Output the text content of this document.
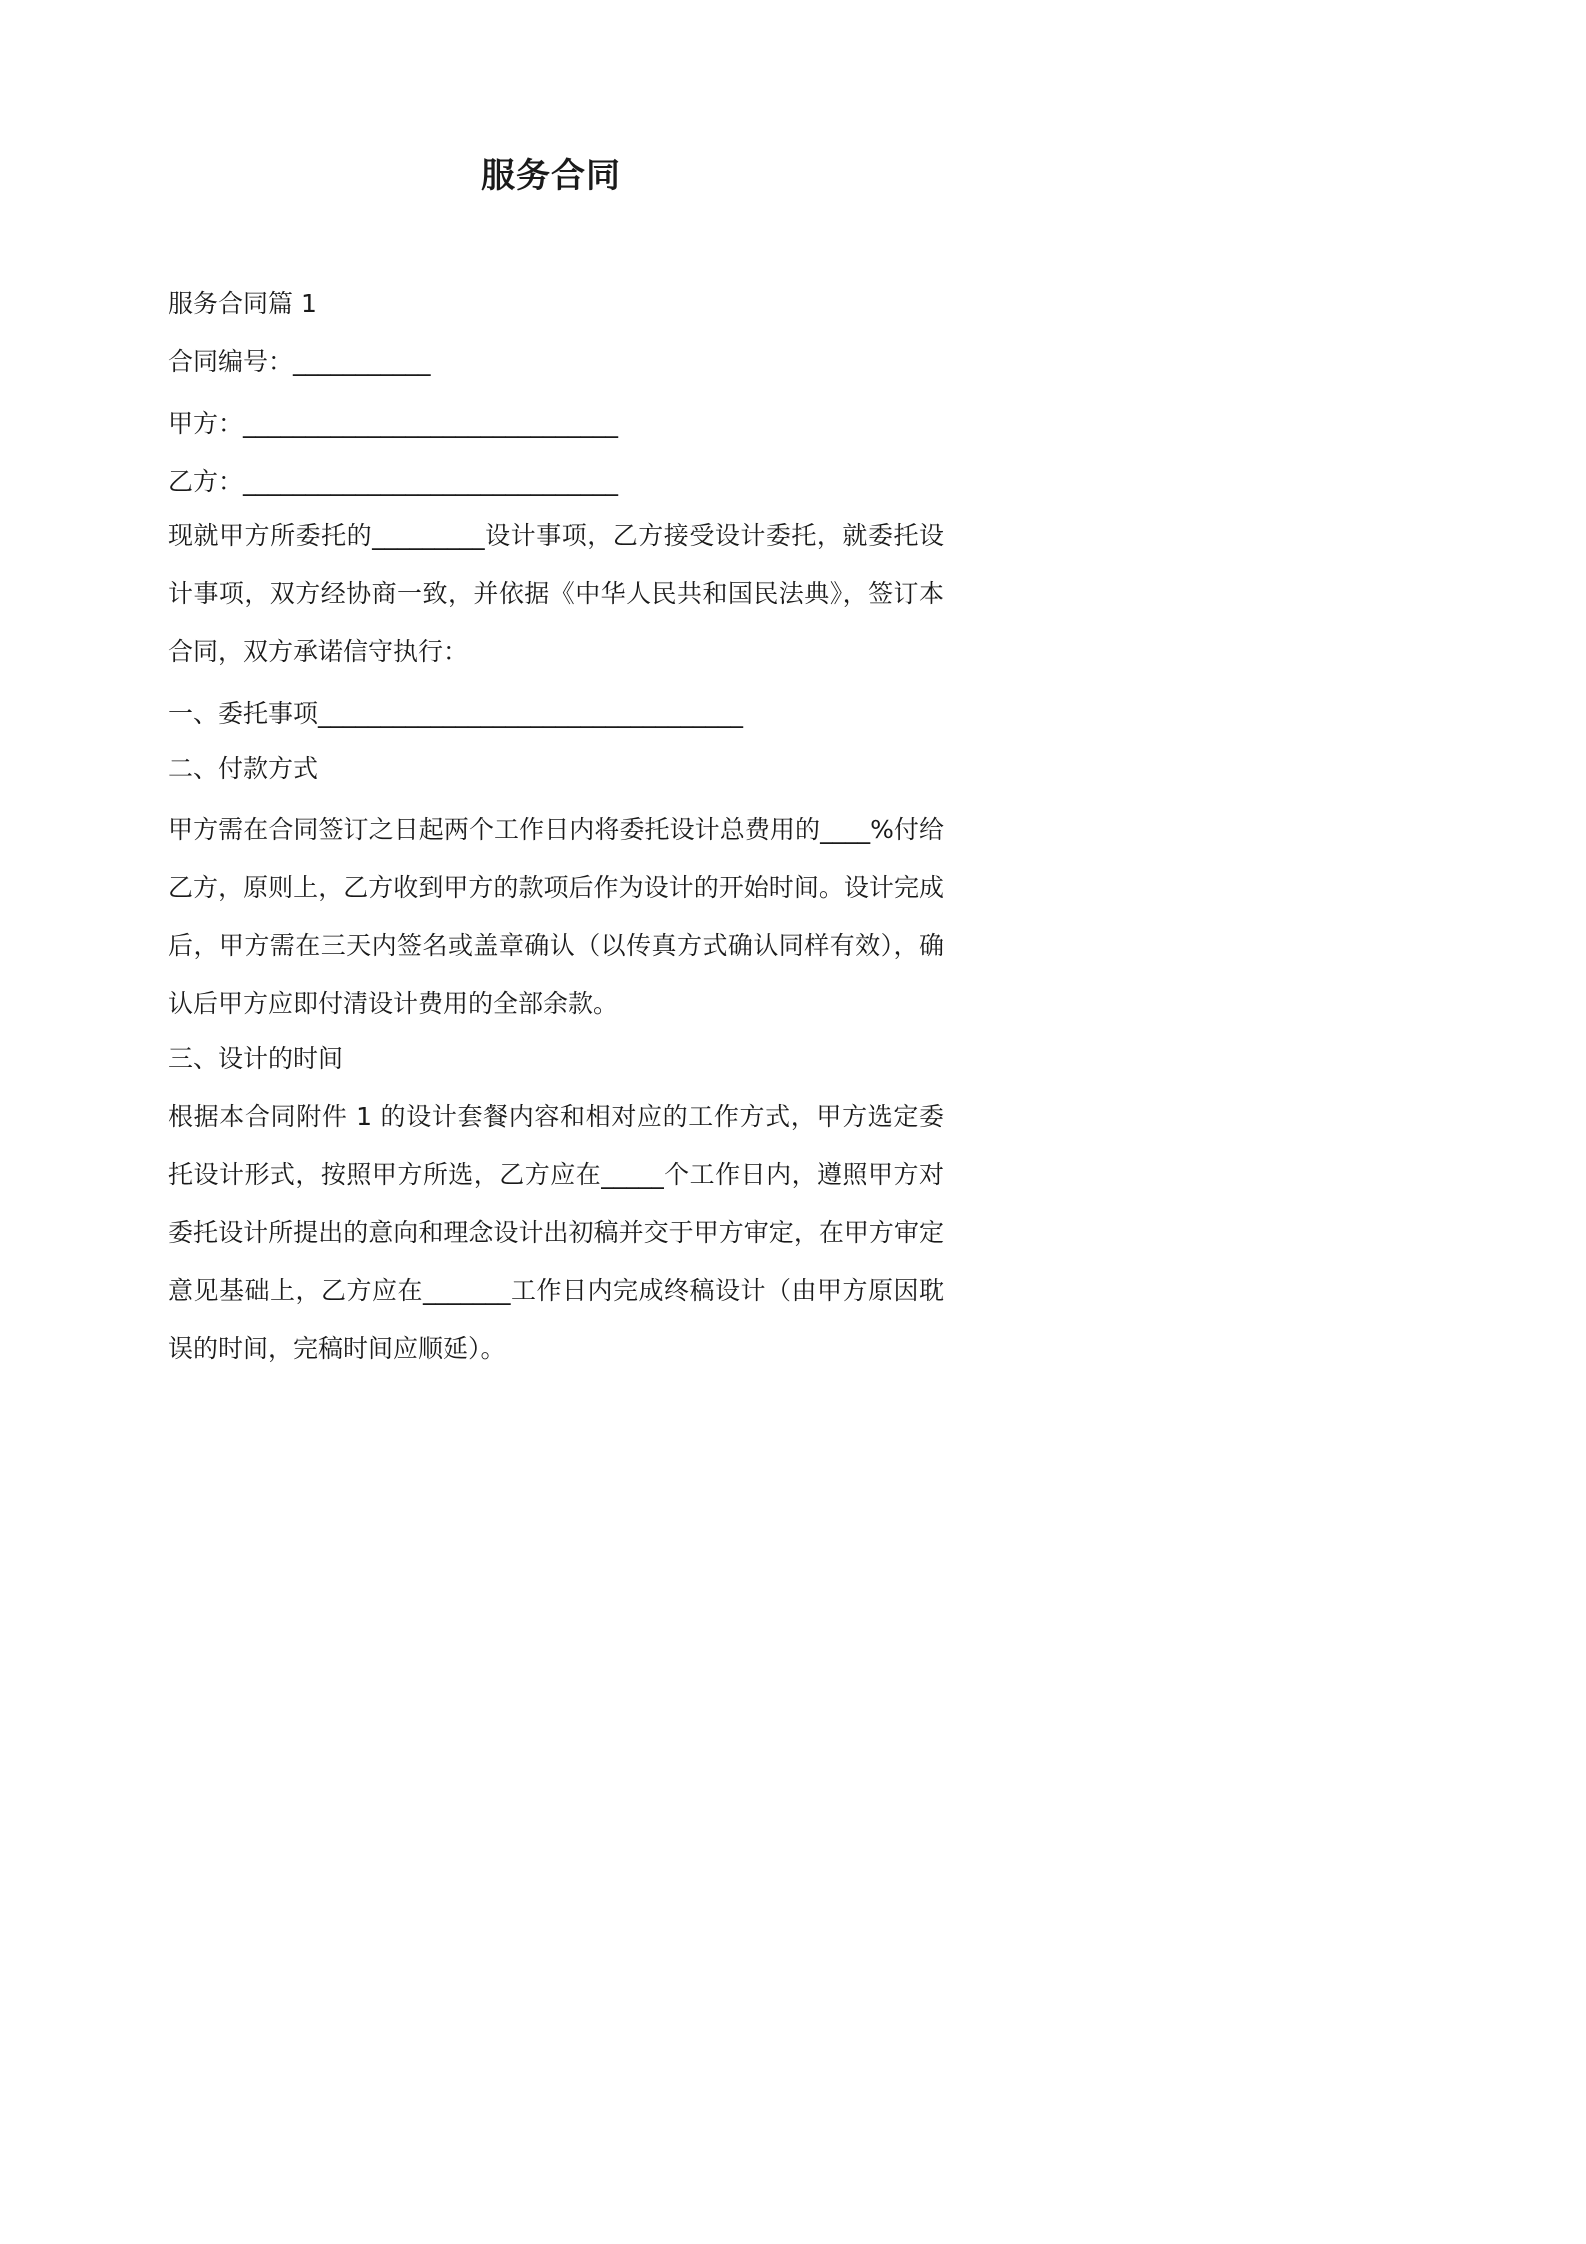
服务合同
服务合同篇 1
合同编号：___________
甲方：______________________________
乙方：______________________________
现就甲方所委托的_________设计事项，乙方接受设计委托，就委托设计事项，双方经协商一致，并依据《中华人民共和国民法典》，签订本合同，双方承诺信守执行：
一、委托事项__________________________________
二、付款方式
甲方需在合同签订之日起两个工作日内将委托设计总费用的____%付给乙方，原则上，乙方收到甲方的款项后作为设计的开始时间。设计完成后，甲方需在三天内签名或盖章确认（以传真方式确认同样有效），确认后甲方应即付清设计费用的全部余款。
三、设计的时间
根据本合同附件 1 的设计套餐内容和相对应的工作方式，甲方选定委托设计形式，按照甲方所选，乙方应在_____个工作日内，遵照甲方对委托设计所提出的意向和理念设计出初稿并交于甲方审定，在甲方审定意见基础上，乙方应在_______工作日内完成终稿设计（由甲方原因耽误的时间，完稿时间应顺延）。
